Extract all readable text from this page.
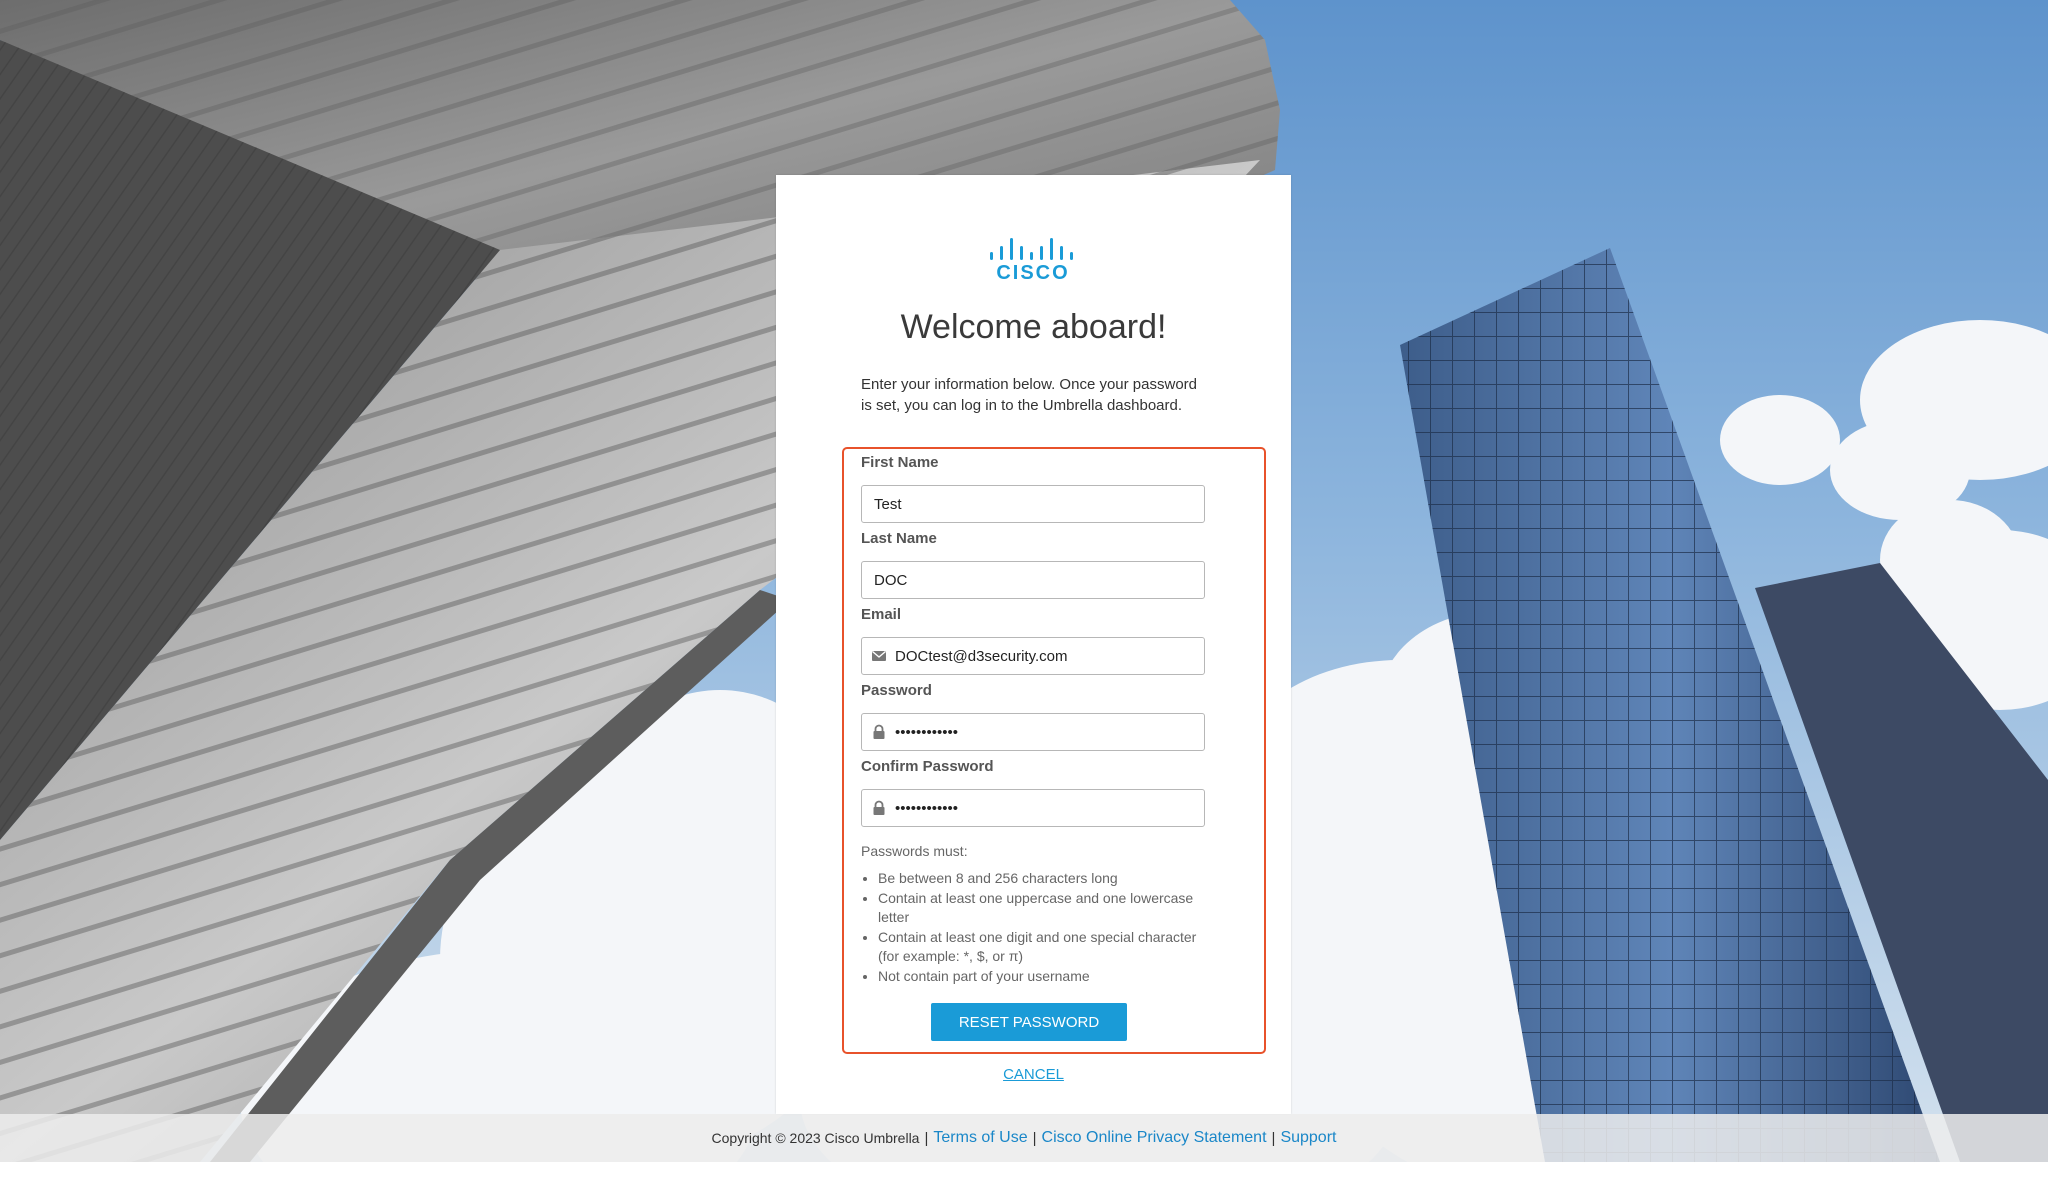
CISCO
Welcome aboard!

Enter your information below. Once your password is set, you can log in to the Umbrella dashboard.

First Name
Test
Last Name
DOC
Email
DOCtest@d3security.com
Password
••••••••••••
Confirm Password
••••••••••••

Passwords must:

• Be between 8 and 256 characters long
• Contain at least one uppercase and one lowercase letter
• Contain at least one digit and one special character (for example: *, $, or π)
• Not contain part of your username
RESET PASSWORD
CANCEL
Copyright © 2023 Cisco Umbrella | Terms of Use | Cisco Online Privacy Statement | Support
